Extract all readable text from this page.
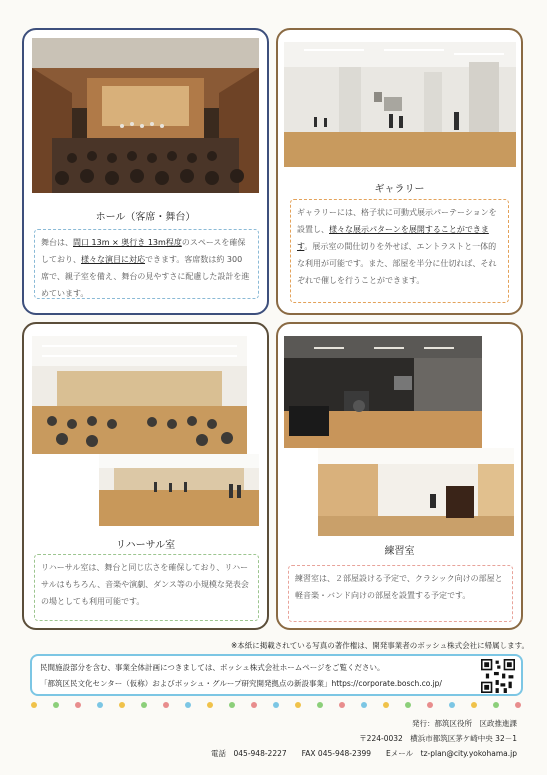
ホール（客席・舞台）
舞台は、間口 13m × 奥行き 13m程度のスペースを確保しており、様々な演目に対応できます。客席数は約 300 席で、親子室を備え、舞台の見やすさに配慮した設計を進めています。
ギャラリー
ギャラリーには、格子状に可動式展示パーテーションを設置し、様々な展示パターンを展開することができます。展示室の間仕切りを外せば、エントラストと一体的な利用が可能です。また、部屋を半分に仕切れば、それぞれで催しを行うことができます。
リハーサル室
リハーサル室は、舞台と同じ広さを確保しており、リハーサルはもちろん、音楽や演劇、ダンス等の小規模な発表会の場としても利用可能です。
練習室
練習室は、２部屋設ける予定で、クラシック向けの部屋と軽音楽・バンド向けの部屋を設置する予定です。
※本紙に掲載されている写真の著作権は、開発事業者のボッシュ株式会社に帰属します。
民間施設部分を含む、事業全体計画につきましては、ボッシュ株式会社ホームページをご覧ください。
「都筑区民文化センター（仮称）およびボッシュ・グループ研究開発拠点の新設事業」https://corporate.bosch.co.jp/
発行：都筑区役所　区政推進課
〒224-0032　横浜市都筑区茅ケ崎中央 32－1
電話　045-948-2227　　FAX 045-948-2399　　Eメール　tz-plan@city.yokohama.jp
